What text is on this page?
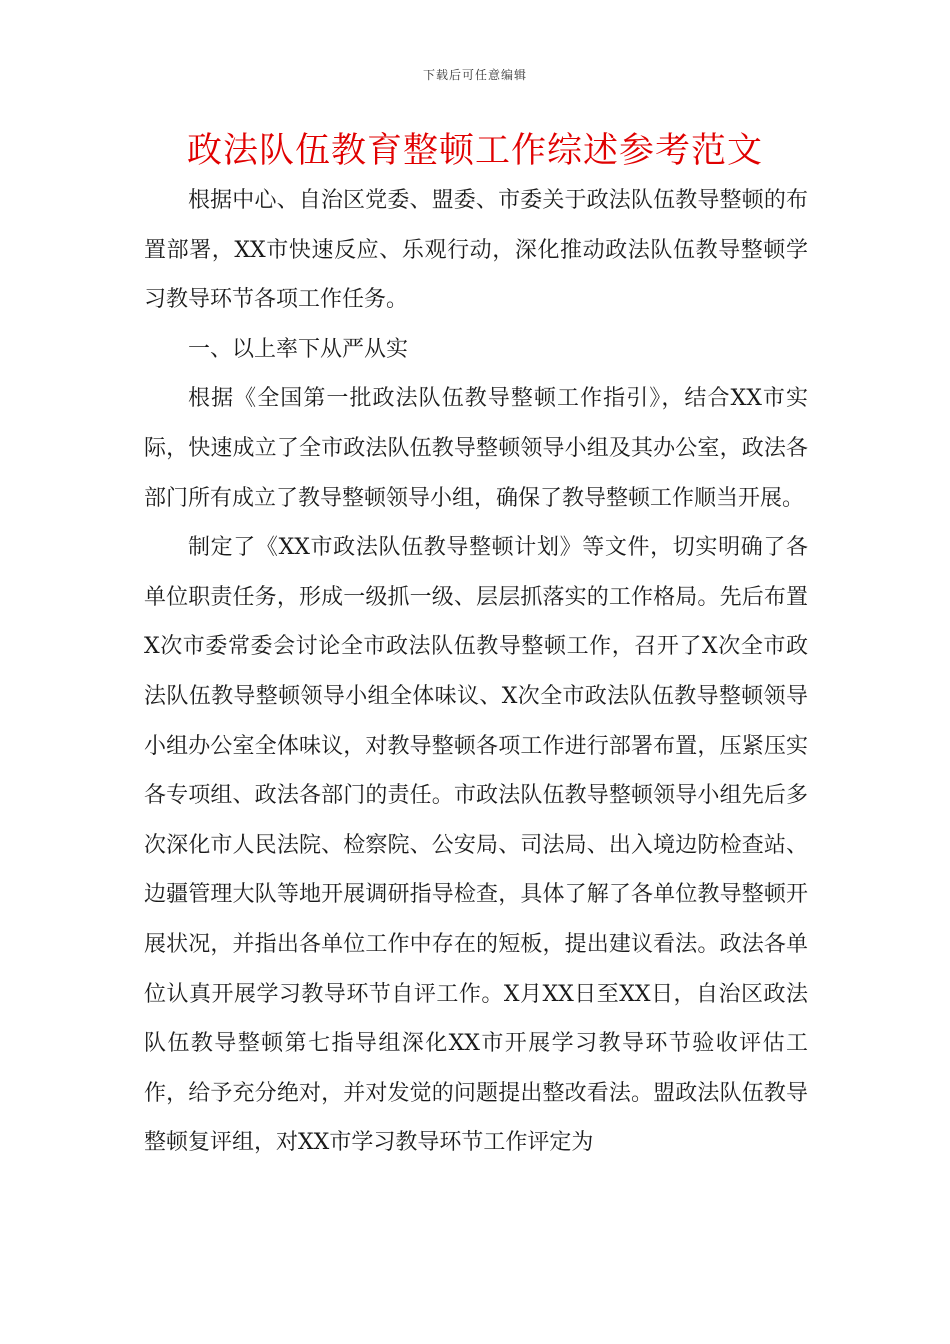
下载后可任意编辑
政法队伍教育整顿工作综述参考范文

根据中心、自治区党委、盟委、市委关于政法队伍教导整顿的布置部署，XX市快速反应、乐观行动，深化推动政法队伍教导整顿学习教导环节各项工作任务。

一、以上率下从严从实

根据《全国第一批政法队伍教导整顿工作指引》，结合XX市实际，快速成立了全市政法队伍教导整顿领导小组及其办公室，政法各部门所有成立了教导整顿领导小组，确保了教导整顿工作顺当开展。

制定了《XX市政法队伍教导整顿计划》等文件，切实明确了各单位职责任务，形成一级抓一级、层层抓落实的工作格局。先后布置X次市委常委会讨论全市政法队伍教导整顿工作，召开了X次全市政法队伍教导整顿领导小组全体味议、X次全市政法队伍教导整顿领导小组办公室全体味议，对教导整顿各项工作进行部署布置，压紧压实各专项组、政法各部门的责任。市政法队伍教导整顿领导小组先后多次深化市人民法院、检察院、公安局、司法局、出入境边防检查站、边疆管理大队等地开展调研指导检查，具体了解了各单位教导整顿开展状况，并指出各单位工作中存在的短板，提出建议看法。政法各单位认真开展学习教导环节自评工作。X月XX日至XX日，自治区政法队伍教导整顿第七指导组深化XX市开展学习教导环节验收评估工作，给予充分绝对，并对发觉的问题提出整改看法。盟政法队伍教导整顿复评组，对XX市学习教导环节工作评定为
